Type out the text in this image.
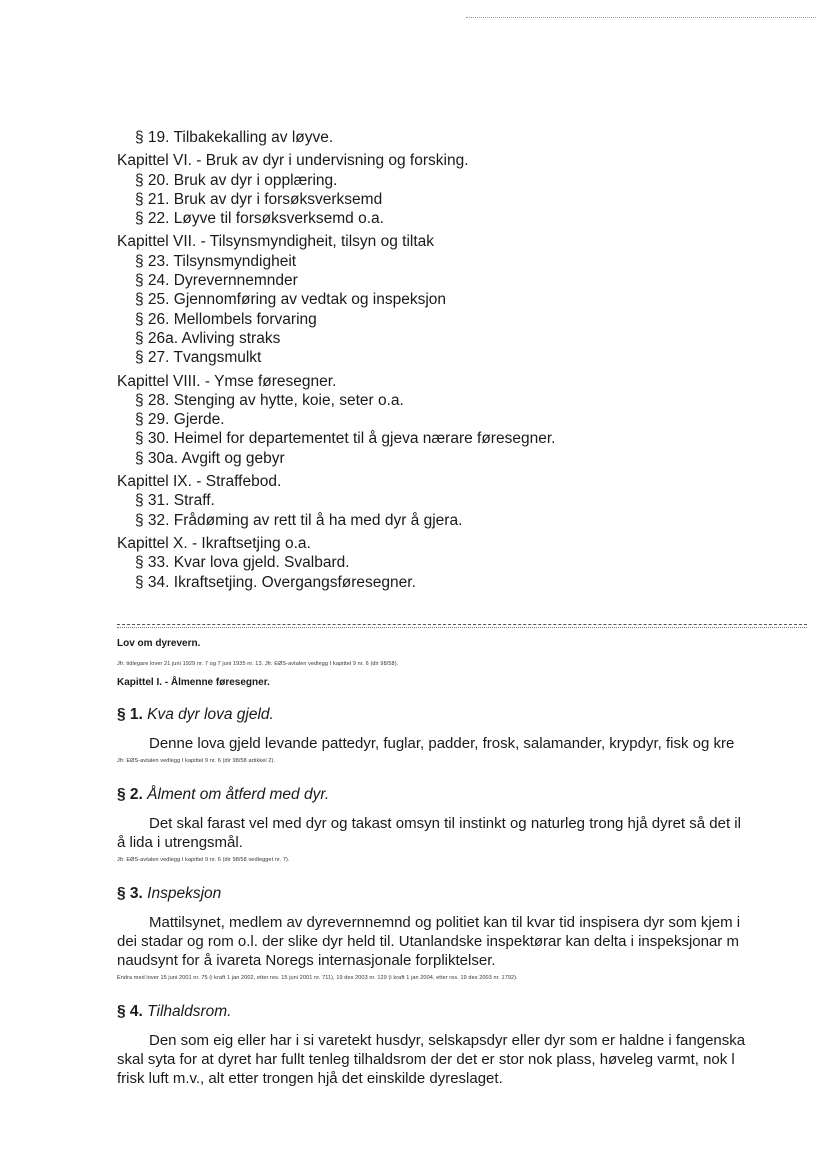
§ 19. Tilbakekalling av løyve.
Kapittel VI. - Bruk av dyr i undervisning og forsking.
§ 20. Bruk av dyr i opplæring.
§ 21. Bruk av dyr i forsøksverksemd
§ 22. Løyve til forsøksverksemd o.a.
Kapittel VII. - Tilsynsmyndigheit, tilsyn og tiltak
§ 23. Tilsynsmyndigheit
§ 24. Dyrevernnemnder
§ 25. Gjennomføring av vedtak og inspeksjon
§ 26. Mellombels forvaring
§ 26a. Avliving straks
§ 27. Tvangsmulkt
Kapittel VIII. - Ymse føresegner.
§ 28. Stenging av hytte, koie, seter o.a.
§ 29. Gjerde.
§ 30. Heimel for departementet til å gjeva nærare føresegner.
§ 30a. Avgift og gebyr
Kapittel IX. - Straffebod.
§ 31. Straff.
§ 32. Frådøming av rett til å ha med dyr å gjera.
Kapittel X. - Ikraftsetjing o.a.
§ 33. Kvar lova gjeld. Svalbard.
§ 34. Ikraftsetjing. Overgangsføresegner.
Lov om dyrevern.
Jfr. tidlegare lover 21 juni 1929 nr. 7 og 7 juni 1935 nr. 13. Jfr. EØS-avtalen vedlegg I kapittel 9 nr. 6 (dir 98/58).
Kapittel I. - Ålmenne føresegner.
§ 1. Kva dyr lova gjeld.
Denne lova gjeld levande pattedyr, fuglar, padder, frosk, salamander, krypdyr, fisk og kre
Jfr. EØS-avtalen vedlegg I kapittel 9 nr. 6 (dir 98/58 artikkel 2).
§ 2. Ålment om åtferd med dyr.
Det skal farast vel med dyr og takast omsyn til instinkt og naturleg trong hjå dyret så det il
å lida i utrengsmål.
Jfr. EØS-avtalen vedlegg I kapittel 9 nr. 6 (dir 98/58 vedlegget nr. 7).
§ 3. Inspeksjon
Mattilsynet, medlem av dyrevernnemnd og politiet kan til kvar tid inspisera dyr som kjem i
dei stadar og rom o.l. der slike dyr held til. Utanlandske inspektørar kan delta i inspeksjonar m
naudsynt for å ivareta Noregs internasjonale forpliktelser.
Endra med lover 15 juni 2001 nr. 75 (i kraft 1 jan 2002, etter res. 15 juni 2001 nr. 711), 19 des 2003 nr. 129 (i kraft 1 jan 2004, etter res. 19 des 2003 nr. 1792).
§ 4. Tilhaldsrom.
Den som eig eller har i si varetekt husdyr, selskapsdyr eller dyr som er haldne i fangenska
skal syta for at dyret har fullt tenleg tilhaldsrom der det er stor nok plass, høveleg varmt, nok l
frisk luft m.v., alt etter trongen hjå det einskilde dyreslaget.
